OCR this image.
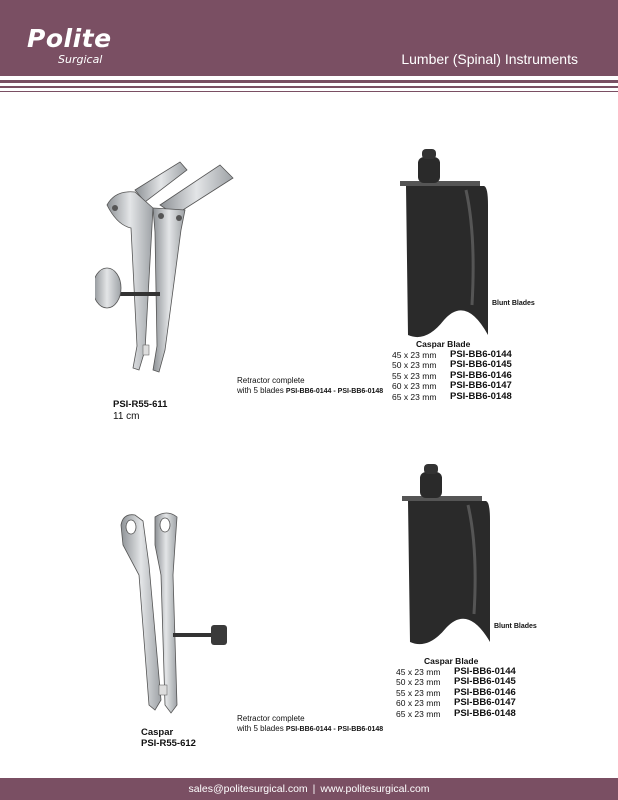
Polite
Surgical	Lumber (Spinal) Instruments
Blunt Blades
Caspar Blade
45 x 23 mm	PSI-BB6-0144
50 x 23 mm	PSI-BB6-0145
55 x 23 mm	PSI-BB6-0146
60 x 23 mm	PSI-BB6-0147
65 x 23 mm	PSI-BB6-0148
Retractor complete
with 5 blades PSI-BB6-0144 - PSI-BB6-0148
PSI-R55-611
11 cm
Blunt Blades
Caspar Blade
45 x 23 mm	PSI-BB6-0144
50 x 23 mm	PSI-BB6-0145
55 x 23 mm	PSI-BB6-0146
60 x 23 mm	PSI-BB6-0147
65 x 23 mm	PSI-BB6-0148
Retractor complete
with 5 blades PSI-BB6-0144 - PSI-BB6-0148
Caspar
PSI-R55-612
sales@politesurgical.com | www.politesurgical.com
